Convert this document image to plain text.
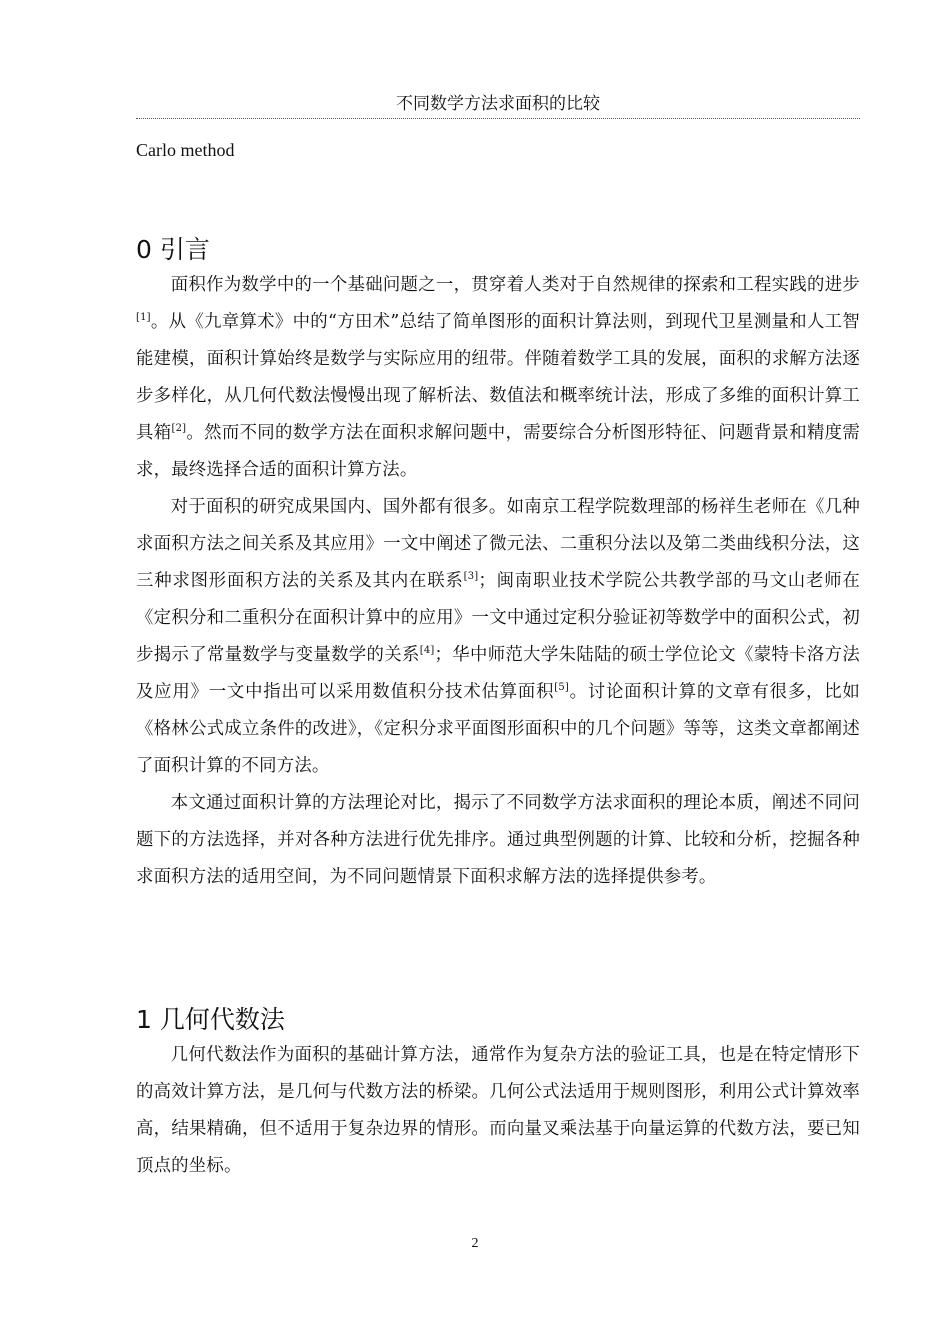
不同数学方法求面积的比较
Carlo method
0 引言

面积作为数学中的一个基础问题之一，贯穿着人类对于自然规律的探索和工程实践的进步[1]。从《九章算术》中的“方田术”总结了简单图形的面积计算法则，到现代卫星测量和人工智能建模，面积计算始终是数学与实际应用的纽带。伴随着数学工具的发展，面积的求解方法逐步多样化，从几何代数法慢慢出现了解析法、数值法和概率统计法，形成了多维的面积计算工具箱[2]。然而不同的数学方法在面积求解问题中，需要综合分析图形特征、问题背景和精度需求，最终选择合适的面积计算方法。

对于面积的研究成果国内、国外都有很多。如南京工程学院数理部的杨祥生老师在《几种求面积方法之间关系及其应用》一文中阐述了微元法、二重积分法以及第二类曲线积分法，这三种求图形面积方法的关系及其内在联系[3]；闽南职业技术学院公共教学部的马文山老师在《定积分和二重积分在面积计算中的应用》一文中通过定积分验证初等数学中的面积公式，初步揭示了常量数学与变量数学的关系[4]；华中师范大学朱陆陆的硕士学位论文《蒙特卡洛方法及应用》一文中指出可以采用数值积分技术估算面积[5]。讨论面积计算的文章有很多，比如《格林公式成立条件的改进》，《定积分求平面图形面积中的几个问题》等等，这类文章都阐述了面积计算的不同方法。

本文通过面积计算的方法理论对比，揭示了不同数学方法求面积的理论本质，阐述不同问题下的方法选择，并对各种方法进行优先排序。通过典型例题的计算、比较和分析，挖掘各种求面积方法的适用空间，为不同问题情景下面积求解方法的选择提供参考。

1 几何代数法

几何代数法作为面积的基础计算方法，通常作为复杂方法的验证工具，也是在特定情形下的高效计算方法，是几何与代数方法的桥梁。几何公式法适用于规则图形，利用公式计算效率高，结果精确，但不适用于复杂边界的情形。而向量叉乘法基于向量运算的代数方法，要已知顶点的坐标。

2
